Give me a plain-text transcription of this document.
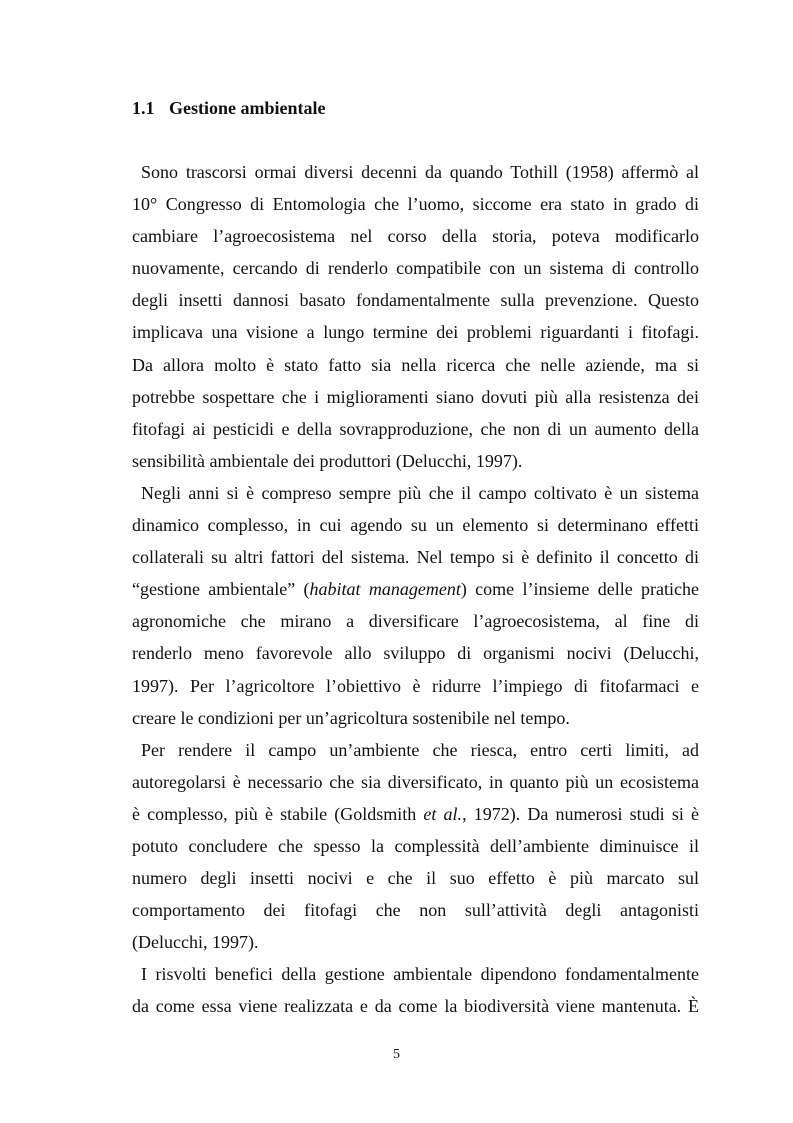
1.1 Gestione ambientale
Sono trascorsi ormai diversi decenni da quando Tothill (1958) affermò al
10° Congresso di Entomologia che l’uomo, siccome era stato in grado di
cambiare l’agroecosistema nel corso della storia, poteva modificarlo
nuovamente, cercando di renderlo compatibile con un sistema di controllo
degli insetti dannosi basato fondamentalmente sulla prevenzione. Questo
implicava una visione a lungo termine dei problemi riguardanti i fitofagi.
Da allora molto è stato fatto sia nella ricerca che nelle aziende, ma si
potrebbe sospettare che i miglioramenti siano dovuti più alla resistenza dei
fitofagi ai pesticidi e della sovrapproduzione, che non di un aumento della
sensibilità ambientale dei produttori (Delucchi, 1997).
Negli anni si è compreso sempre più che il campo coltivato è un sistema
dinamico complesso, in cui agendo su un elemento si determinano effetti
collaterali su altri fattori del sistema. Nel tempo si è definito il concetto di
“gestione ambientale” (habitat management) come l’insieme delle pratiche
agronomiche che mirano a diversificare l’agroecosistema, al fine di
renderlo meno favorevole allo sviluppo di organismi nocivi (Delucchi,
1997). Per l’agricoltore l’obiettivo è ridurre l’impiego di fitofarmaci e
creare le condizioni per un’agricoltura sostenibile nel tempo.
Per rendere il campo un’ambiente che riesca, entro certi limiti, ad
autoregolarsi è necessario che sia diversificato, in quanto più un ecosistema
è complesso, più è stabile (Goldsmith et al., 1972). Da numerosi studi si è
potuto concludere che spesso la complessità dell’ambiente diminuisce il
numero degli insetti nocivi e che il suo effetto è più marcato sul
comportamento dei fitofagi che non sull’attività degli antagonisti
(Delucchi, 1997).
I risvolti benefici della gestione ambientale dipendono fondamentalmente
da come essa viene realizzata e da come la biodiversità viene mantenuta. È
5
